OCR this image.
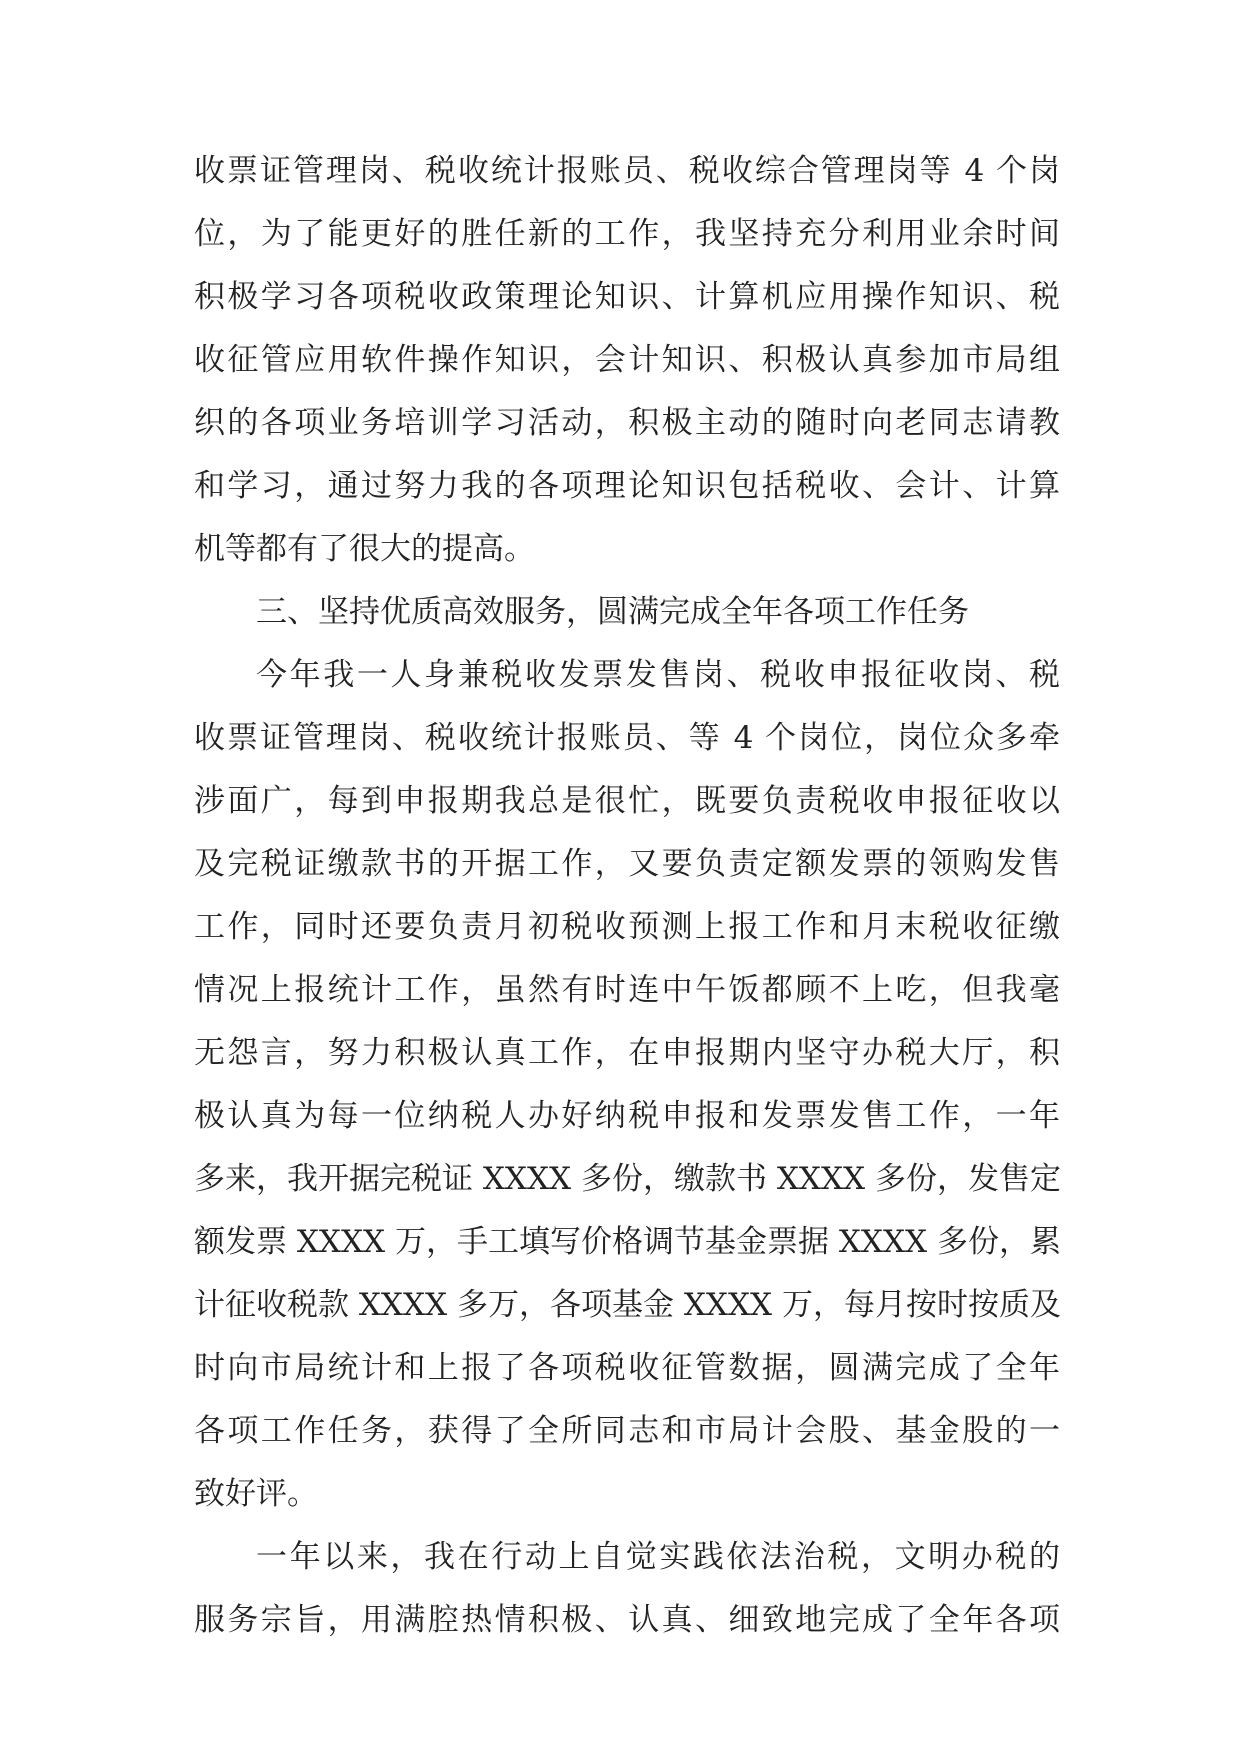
收票证管理岗、税收统计报账员、税收综合管理岗等 4 个岗
位，为了能更好的胜任新的工作，我坚持充分利用业余时间
积极学习各项税收政策理论知识、计算机应用操作知识、税
收征管应用软件操作知识，会计知识、积极认真参加市局组
织的各项业务培训学习活动，积极主动的随时向老同志请教
和学习，通过努力我的各项理论知识包括税收、会计、计算
机等都有了很大的提高。
三、坚持优质高效服务，圆满完成全年各项工作任务
今年我一人身兼税收发票发售岗、税收申报征收岗、税
收票证管理岗、税收统计报账员、等 4 个岗位，岗位众多牵
涉面广，每到申报期我总是很忙，既要负责税收申报征收以
及完税证缴款书的开据工作，又要负责定额发票的领购发售
工作，同时还要负责月初税收预测上报工作和月末税收征缴
情况上报统计工作，虽然有时连中午饭都顾不上吃，但我毫
无怨言，努力积极认真工作，在申报期内坚守办税大厅，积
极认真为每一位纳税人办好纳税申报和发票发售工作，一年
多来，我开据完税证 XXXX 多份，缴款书 XXXX 多份，发售定
额发票 XXXX 万，手工填写价格调节基金票据 XXXX 多份，累
计征收税款 XXXX 多万，各项基金 XXXX 万，每月按时按质及
时向市局统计和上报了各项税收征管数据，圆满完成了全年
各项工作任务，获得了全所同志和市局计会股、基金股的一
致好评。
一年以来，我在行动上自觉实践依法治税，文明办税的
服务宗旨，用满腔热情积极、认真、细致地完成了全年各项
